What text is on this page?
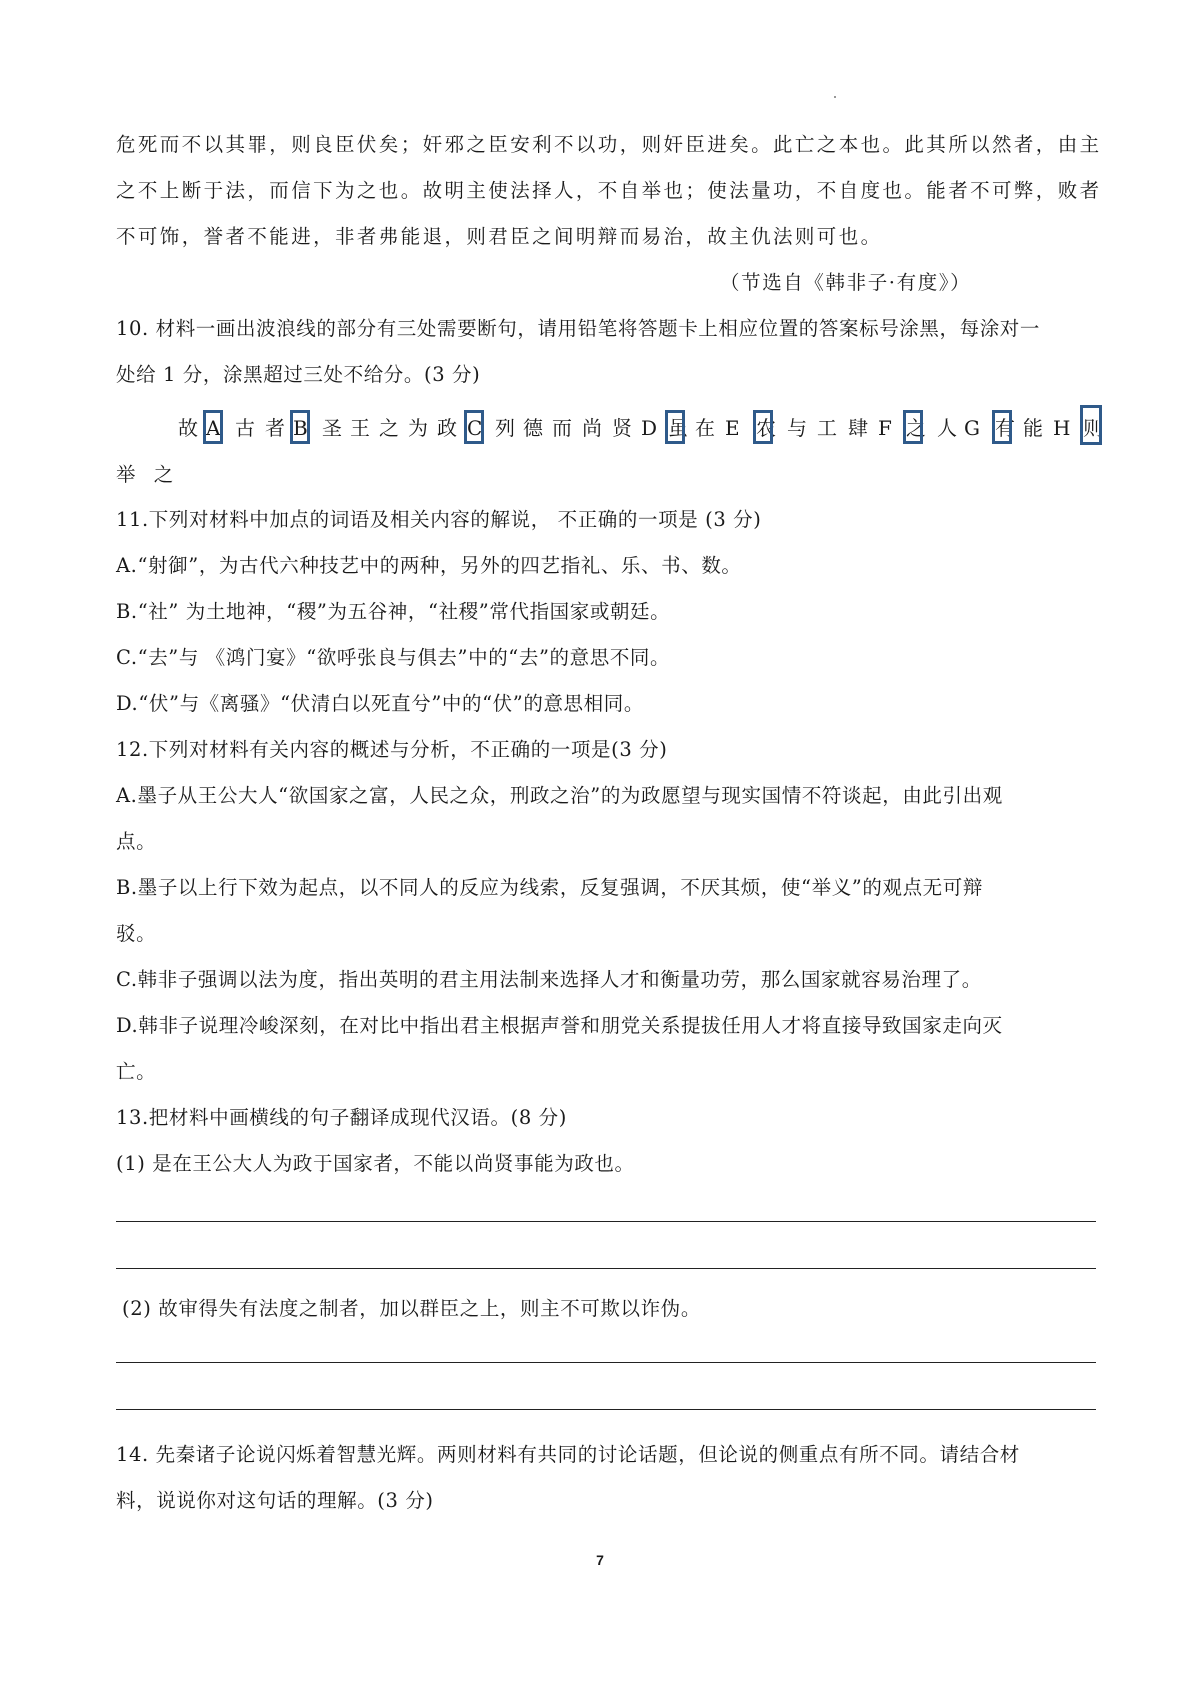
危死而不以其罪，则良臣伏矣；奸邪之臣安利不以功，则奸臣进矣。此亡之本也。此其所以然者，由主
之不上断于法，而信下为之也。故明主使法择人，不自举也；使法量功，不自度也。能者不可弊，败者
不可饰，誉者不能进，非者弗能退，则君臣之间明辩而易治，故主仇法则可也。
（节选自《韩非子·有度》）
10. 材料一画出波浪线的部分有三处需要断句，请用铅笔将答题卡上相应位置的答案标号涂黑，每涂对一
处给 1 分，涂黑超过三处不给分。(3 分)
故 A 古 者 B 圣 王 之 为 政 C 列 德 而 尚 贤 D 虽 在 E 农 与 工 肆 F 之 人 G 有 能 H 则
举 之
11.下列对材料中加点的词语及相关内容的解说， 不正确的一项是 (3 分)
A.“射御”，为古代六种技艺中的两种，另外的四艺指礼、乐、书、数。
B.“社” 为土地神，“稷”为五谷神，“社稷”常代指国家或朝廷。
C.“去”与 《鸿门宴》“欲呼张良与俱去”中的“去”的意思不同。
D.“伏”与《离骚》“伏清白以死直兮”中的“伏”的意思相同。
12.下列对材料有关内容的概述与分析，不正确的一项是(3 分)
A.墨子从王公大人“欲国家之富，人民之众，刑政之治”的为政愿望与现实国情不符谈起，由此引出观
点。
B.墨子以上行下效为起点，以不同人的反应为线索，反复强调，不厌其烦，使“举义”的观点无可辩
驳。
C.韩非子强调以法为度，指出英明的君主用法制来选择人才和衡量功劳，那么国家就容易治理了。
D.韩非子说理冷峻深刻，在对比中指出君主根据声誉和朋党关系提拔任用人才将直接导致国家走向灭
亡。
13.把材料中画横线的句子翻译成现代汉语。(8 分)
(1) 是在王公大人为政于国家者，不能以尚贤事能为政也。
(2) 故审得失有法度之制者，加以群臣之上，则主不可欺以诈伪。
14. 先秦诸子论说闪烁着智慧光辉。两则材料有共同的讨论话题，但论说的侧重点有所不同。请结合材
料，说说你对这句话的理解。(3 分)
7
